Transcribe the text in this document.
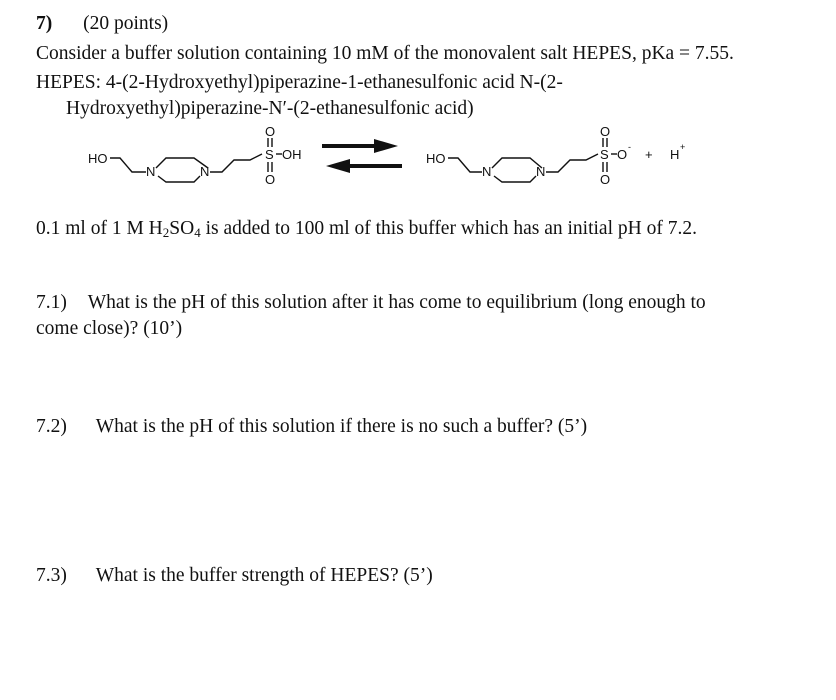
7) (20 points)
Consider a buffer solution containing 10 mM of the monovalent salt HEPES, pKa = 7.55.
HEPES: 4-(2-Hydroxyethyl)piperazine-1-ethanesulfonic acid N-(2-
Hydroxyethyl)piperazine-N′-(2-ethanesulfonic acid)
HO
N	N
S
O
O
OH	HO
N	N
S
O
O
O - + H +
0.1 ml of 1 M $H_2SO_4$ is added to 100 ml of this buffer which has an initial pH of 7.2.
7.1) What is the pH of this solution after it has come to equilibrium (long enough to
come close)? (10’)
7.2) What is the pH of this solution if there is no such a buffer? (5’)
7.3) What is the buffer strength of HEPES? (5’)
